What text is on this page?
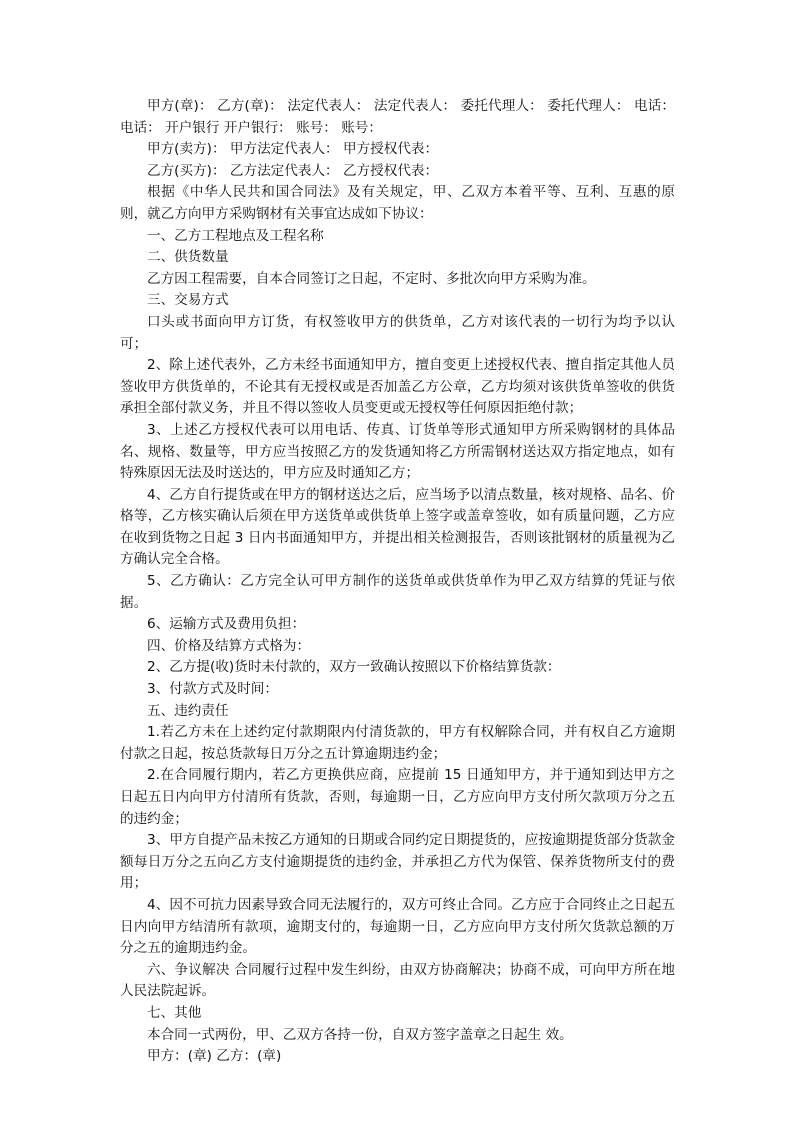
甲方(章)： 乙方(章)： 法定代表人： 法定代表人： 委托代理人： 委托代理人： 电话： 电话： 开户银行 开户银行： 账号： 账号：

甲方(卖方)： 甲方法定代表人： 甲方授权代表：

乙方(买方)： 乙方法定代表人： 乙方授权代表：

根据《中华人民共和国合同法》及有关规定，甲、乙双方本着平等、互利、互惠的原则，就乙方向甲方采购钢材有关事宜达成如下协议：

一、乙方工程地点及工程名称

二、供货数量

乙方因工程需要，自本合同签订之日起，不定时、多批次向甲方采购为准。

三、交易方式

口头或书面向甲方订货，有权签收甲方的供货单，乙方对该代表的一切行为均予以认可；

2、除上述代表外，乙方未经书面通知甲方，擅自变更上述授权代表、擅自指定其他人员签收甲方供货单的，不论其有无授权或是否加盖乙方公章，乙方均须对该供货单签收的供货承担全部付款义务，并且不得以签收人员变更或无授权等任何原因拒绝付款；

3、上述乙方授权代表可以用电话、传真、订货单等形式通知甲方所采购钢材的具体品名、规格、数量等，甲方应当按照乙方的发货通知将乙方所需钢材送达双方指定地点，如有特殊原因无法及时送达的，甲方应及时通知乙方；

4、乙方自行提货或在甲方的钢材送达之后，应当场予以清点数量，核对规格、品名、价格等，乙方核实确认后须在甲方送货单或供货单上签字或盖章签收，如有质量问题，乙方应在收到货物之日起 3 日内书面通知甲方，并提出相关检测报告，否则该批钢材的质量视为乙方确认完全合格。

5、乙方确认：乙方完全认可甲方制作的送货单或供货单作为甲乙双方结算的凭证与依据。

6、运输方式及费用负担：

四、价格及结算方式格为：

2、乙方提(收)货时未付款的，双方一致确认按照以下价格结算货款：

3、付款方式及时间：

五、违约责任

1.若乙方未在上述约定付款期限内付清货款的，甲方有权解除合同，并有权自乙方逾期付款之日起，按总货款每日万分之五计算逾期违约金；

2.在合同履行期内，若乙方更换供应商，应提前 15 日通知甲方，并于通知到达甲方之日起五日内向甲方付清所有货款，否则，每逾期一日，乙方应向甲方支付所欠款项万分之五的违约金；

3、甲方自提产品未按乙方通知的日期或合同约定日期提货的，应按逾期提货部分货款金额每日万分之五向乙方支付逾期提货的违约金，并承担乙方代为保管、保养货物所支付的费用；

4、因不可抗力因素导致合同无法履行的，双方可终止合同。乙方应于合同终止之日起五日内向甲方结清所有款项，逾期支付的，每逾期一日，乙方应向甲方支付所欠货款总额的万分之五的逾期违约金。

六、争议解决 合同履行过程中发生纠纷，由双方协商解决；协商不成，可向甲方所在地人民法院起诉。

七、其他

本合同一式两份，甲、乙双方各持一份，自双方签字盖章之日起生 效。

甲方：(章) 乙方：(章)
